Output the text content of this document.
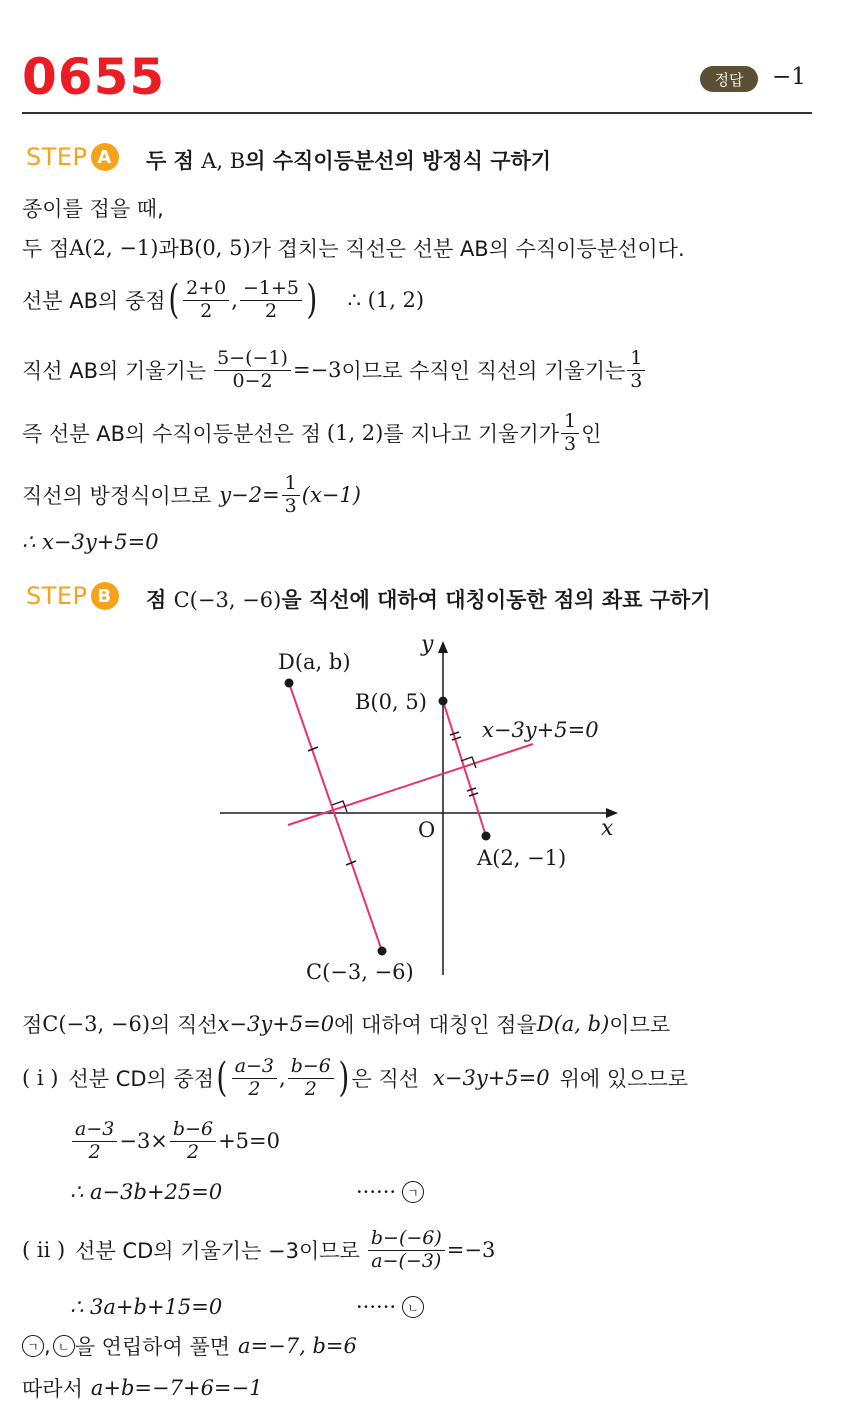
0655	정답	−1
STEP A	두 점 A, B의 수직이등분선의 방정식 구하기
종이를 접을 때,
두 점 A(2, −1) 과 B(0, 5) 가 겹치는 직선은 선분 AB의 수직이등분선이다.
선분 AB의 중점 ( $\frac{2+0}{2}$ , $\frac{-1+5}{2}$ ) ∴ (1, 2)
직선 AB의 기울기는 $\frac{5-(-1)}{0-2} =-3$ 이므로 수직인 직선의 기울기는 $\frac{1}{3}$
즉 선분 AB의 수직이등분선은 점 (1, 2) 를 지나고 기울기가 $\frac{1}{3}$ 인
직선의 방정식이므로 $y-2= \frac{1}{3} (x-1)$
∴ x−3y+5=0
STEP B	점 C(−3, −6)을 직선에 대하여 대칭이동한 점의 좌표 구하기
D(a, b)
B(0, 5)
x−3y+5=0
O	x
y
A(2, −1)
C(−3, −6)
점 C(−3, −6) 의 직선 x−3y+5=0 에 대하여 대칭인 점을 D(a, b) 이므로
( i ) 선분 CD의 중점 ( $\frac{a-3}{2}$ , $\frac{b-6}{2}$ ) 은 직선 x−3y+5=0 위에 있으므로
$\frac{a-3}{2} -3\times \frac{b-6}{2} +5=0$
∴ a−3b+25=0	······ ㄱ
( ii ) 선분 CD의 기울기는 −3이므로 $\frac{b-(-6)}{a-(-3)} =-3$
∴ 3a+b+15=0	······ ㄴ
ㄱ , ㄴ 을 연립하여 풀면 a=−7, b=6
따라서 a+b=−7+6=−1
